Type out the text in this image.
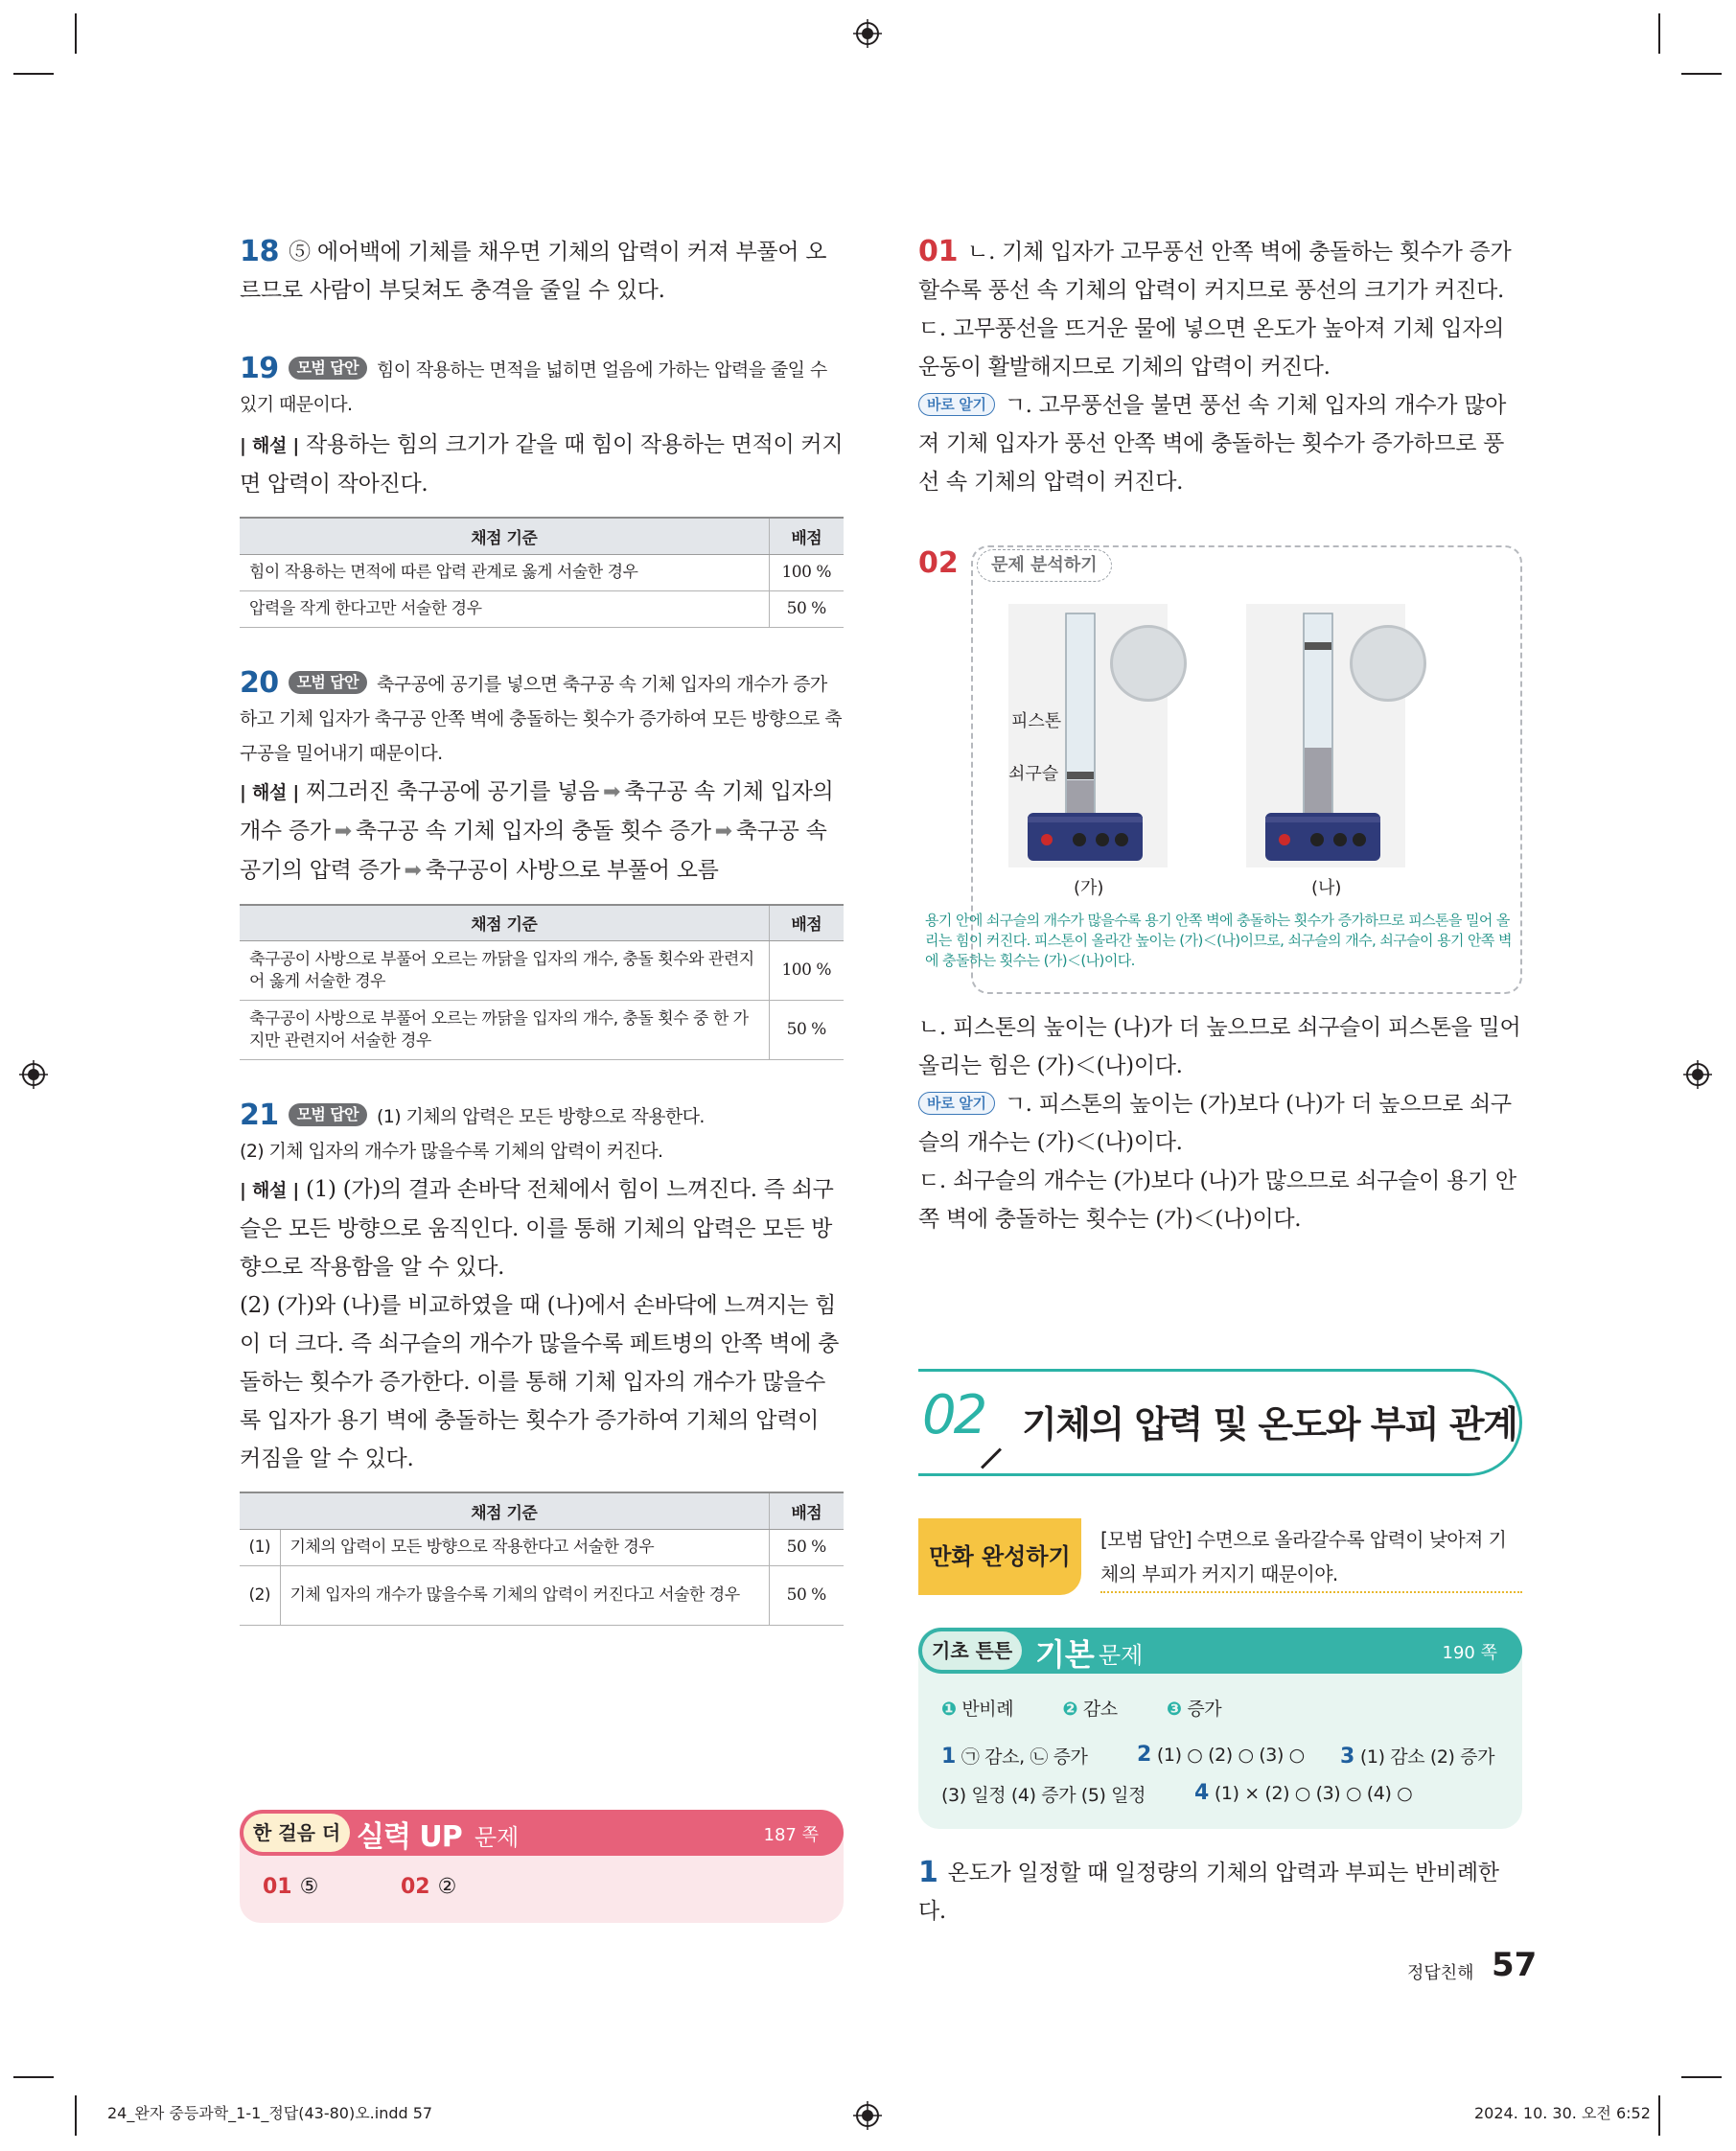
18 ⑤ 에어백에 기체를 채우면 기체의 압력이 커져 부풀어 오르므로 사람이 부딪쳐도 충격을 줄일 수 있다.
19 모범 답안 힘이 작용하는 면적을 넓히면 얼음에 가하는 압력을 줄일 수 있기 때문이다.
| 해설 | 작용하는 힘의 크기가 같을 때 힘이 작용하는 면적이 커지면 압력이 작아진다.
채점 기준	배점
힘이 작용하는 면적에 따른 압력 관계로 옳게 서술한 경우	100 %
압력을 작게 한다고만 서술한 경우	50 %
20 모범 답안 축구공에 공기를 넣으면 축구공 속 기체 입자의 개수가 증가하고 기체 입자가 축구공 안쪽 벽에 충돌하는 횟수가 증가하여 모든 방향으로 축구공을 밀어내기 때문이다.
| 해설 | 찌그러진 축구공에 공기를 넣음 ➡ 축구공 속 기체 입자의 개수 증가 ➡ 축구공 속 기체 입자의 충돌 횟수 증가 ➡ 축구공 속 공기의 압력 증가 ➡ 축구공이 사방으로 부풀어 오름
채점 기준	배점
축구공이 사방으로 부풀어 오르는 까닭을 입자의 개수, 충돌 횟수와 관련지어 옳게 서술한 경우	100 %
축구공이 사방으로 부풀어 오르는 까닭을 입자의 개수, 충돌 횟수 중 한 가지만 관련지어 서술한 경우	50 %
21 모범 답안 (1) 기체의 압력은 모든 방향으로 작용한다.
(2) 기체 입자의 개수가 많을수록 기체의 압력이 커진다.
| 해설 | (1) (가)의 결과 손바닥 전체에서 힘이 느껴진다. 즉 쇠구슬은 모든 방향으로 움직인다. 이를 통해 기체의 압력은 모든 방향으로 작용함을 알 수 있다.
(2) (가)와 (나)를 비교하였을 때 (나)에서 손바닥에 느껴지는 힘이 더 크다. 즉 쇠구슬의 개수가 많을수록 페트병의 안쪽 벽에 충돌하는 횟수가 증가한다. 이를 통해 기체 입자의 개수가 많을수록 입자가 용기 벽에 충돌하는 횟수가 증가하여 기체의 압력이 커짐을 알 수 있다.
채점 기준		배점
(1)	기체의 압력이 모든 방향으로 작용한다고 서술한 경우	50 %
(2)	기체 입자의 개수가 많을수록 기체의 압력이 커진다고 서술한 경우	50 %
한 걸음 더 실력 UP 문제	187 쪽
01 ⑤	02 ②
01 ㄴ. 기체 입자가 고무풍선 안쪽 벽에 충돌하는 횟수가 증가할수록 풍선 속 기체의 압력이 커지므로 풍선의 크기가 커진다.
ㄷ. 고무풍선을 뜨거운 물에 넣으면 온도가 높아져 기체 입자의 운동이 활발해지므로 기체의 압력이 커진다.
바로 알기 ㄱ. 고무풍선을 불면 풍선 속 기체 입자의 개수가 많아져 기체 입자가 풍선 안쪽 벽에 충돌하는 횟수가 증가하므로 풍선 속 기체의 압력이 커진다.
02	문제 분석하기
피스톤
쇠구슬
(가)	(나)
용기 안에 쇠구슬의 개수가 많을수록 용기 안쪽 벽에 충돌하는 횟수가 증가하므로 피스톤을 밀어 올리는 힘이 커진다. 피스톤이 올라간 높이는 (가)＜(나)이므로, 쇠구슬의 개수, 쇠구슬이 용기 안쪽 벽에 충돌하는 횟수는 (가)＜(나)이다.
ㄴ. 피스톤의 높이는 (나)가 더 높으므로 쇠구슬이 피스톤을 밀어 올리는 힘은 (가)＜(나)이다.
바로 알기 ㄱ. 피스톤의 높이는 (가)보다 (나)가 더 높으므로 쇠구슬의 개수는 (가)＜(나)이다.
ㄷ. 쇠구슬의 개수는 (가)보다 (나)가 많으므로 쇠구슬이 용기 안쪽 벽에 충돌하는 횟수는 (가)＜(나)이다.
02 기체의 압력 및 온도와 부피 관계
만화 완성하기
[모범 답안] 수면으로 올라갈수록 압력이 낮아져 기체의 부피가 커지기 때문이야.
기초 튼튼 기본 문제	190 쪽
❶ 반비례	❷ 감소	❸ 증가
1 ㉠ 감소, ㉡ 증가 2 (1) ○ (2) ○ (3) ○ 3 (1) 감소 (2) 증가
(3) 일정 (4) 증가 (5) 일정 4 (1) × (2) ○ (3) ○ (4) ○
1 온도가 일정할 때 일정량의 기체의 압력과 부피는 반비례한다.
정답친해 57
24_완자 중등과학_1-1_정답(43-80)오.indd 57	2024. 10. 30. 오전 6:52
